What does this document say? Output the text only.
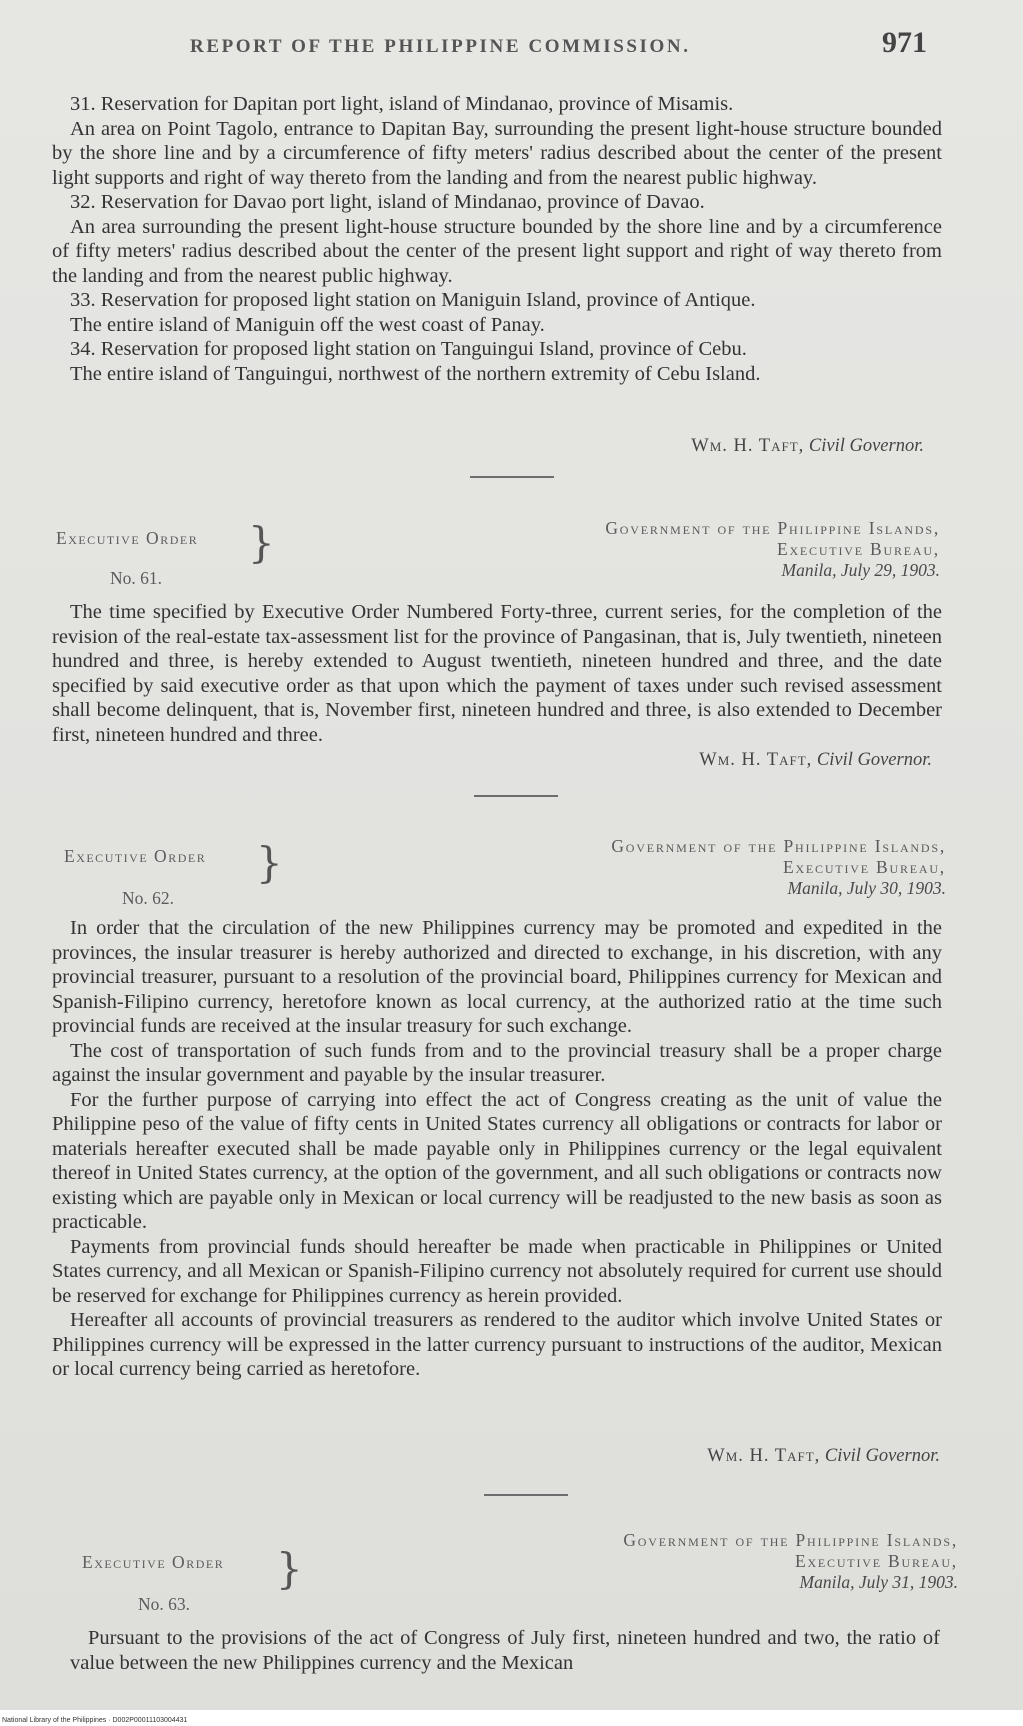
REPORT OF THE PHILIPPINE COMMISSION.	971

31. Reservation for Dapitan port light, island of Mindanao, province of Misamis.

An area on Point Tagolo, entrance to Dapitan Bay, surrounding the present light-house structure bounded by the shore line and by a circumference of fifty meters' radius described about the center of the present light supports and right of way thereto from the landing and from the nearest public highway.

32. Reservation for Davao port light, island of Mindanao, province of Davao.

An area surrounding the present light-house structure bounded by the shore line and by a circumference of fifty meters' radius described about the center of the present light support and right of way thereto from the landing and from the nearest public highway.

33. Reservation for proposed light station on Maniguin Island, province of Antique.

The entire island of Maniguin off the west coast of Panay.

34. Reservation for proposed light station on Tanguingui Island, province of Cebu.

The entire island of Tanguingui, northwest of the northern extremity of Cebu Island.

Wm. H. Taft, Civil Governor.
Executive Order }
No. 61.
Government of the Philippine Islands,
Executive Bureau,
Manila, July 29, 1903.

The time specified by Executive Order Numbered Forty-three, current series, for the completion of the revision of the real-estate tax-assessment list for the province of Pangasinan, that is, July twentieth, nineteen hundred and three, is hereby extended to August twentieth, nineteen hundred and three, and the date specified by said executive order as that upon which the payment of taxes under such revised assessment shall become delinquent, that is, November first, nineteen hundred and three, is also extended to December first, nineteen hundred and three.

Wm. H. Taft, Civil Governor.
Executive Order }
No. 62.
Government of the Philippine Islands,
Executive Bureau,
Manila, July 30, 1903.

In order that the circulation of the new Philippines currency may be promoted and expedited in the provinces, the insular treasurer is hereby authorized and directed to exchange, in his discretion, with any provincial treasurer, pursuant to a resolution of the provincial board, Philippines currency for Mexican and Spanish-Filipino currency, heretofore known as local currency, at the authorized ratio at the time such provincial funds are received at the insular treasury for such exchange.

The cost of transportation of such funds from and to the provincial treasury shall be a proper charge against the insular government and payable by the insular treasurer.

For the further purpose of carrying into effect the act of Congress creating as the unit of value the Philippine peso of the value of fifty cents in United States currency all obligations or contracts for labor or materials hereafter executed shall be made payable only in Philippines currency or the legal equivalent thereof in United States currency, at the option of the government, and all such obligations or contracts now existing which are payable only in Mexican or local currency will be readjusted to the new basis as soon as practicable.

Payments from provincial funds should hereafter be made when practicable in Philippines or United States currency, and all Mexican or Spanish-Filipino currency not absolutely required for current use should be reserved for exchange for Philippines currency as herein provided.

Hereafter all accounts of provincial treasurers as rendered to the auditor which involve United States or Philippines currency will be expressed in the latter currency pursuant to instructions of the auditor, Mexican or local currency being carried as heretofore.

Wm. H. Taft, Civil Governor.
Executive Order }
No. 63.
Government of the Philippine Islands,
Executive Bureau,
Manila, July 31, 1903.

Pursuant to the provisions of the act of Congress of July first, nineteen hundred and two, the ratio of value between the new Philippines currency and the Mexican

National Library of the Philippines · D002P00011103004431
